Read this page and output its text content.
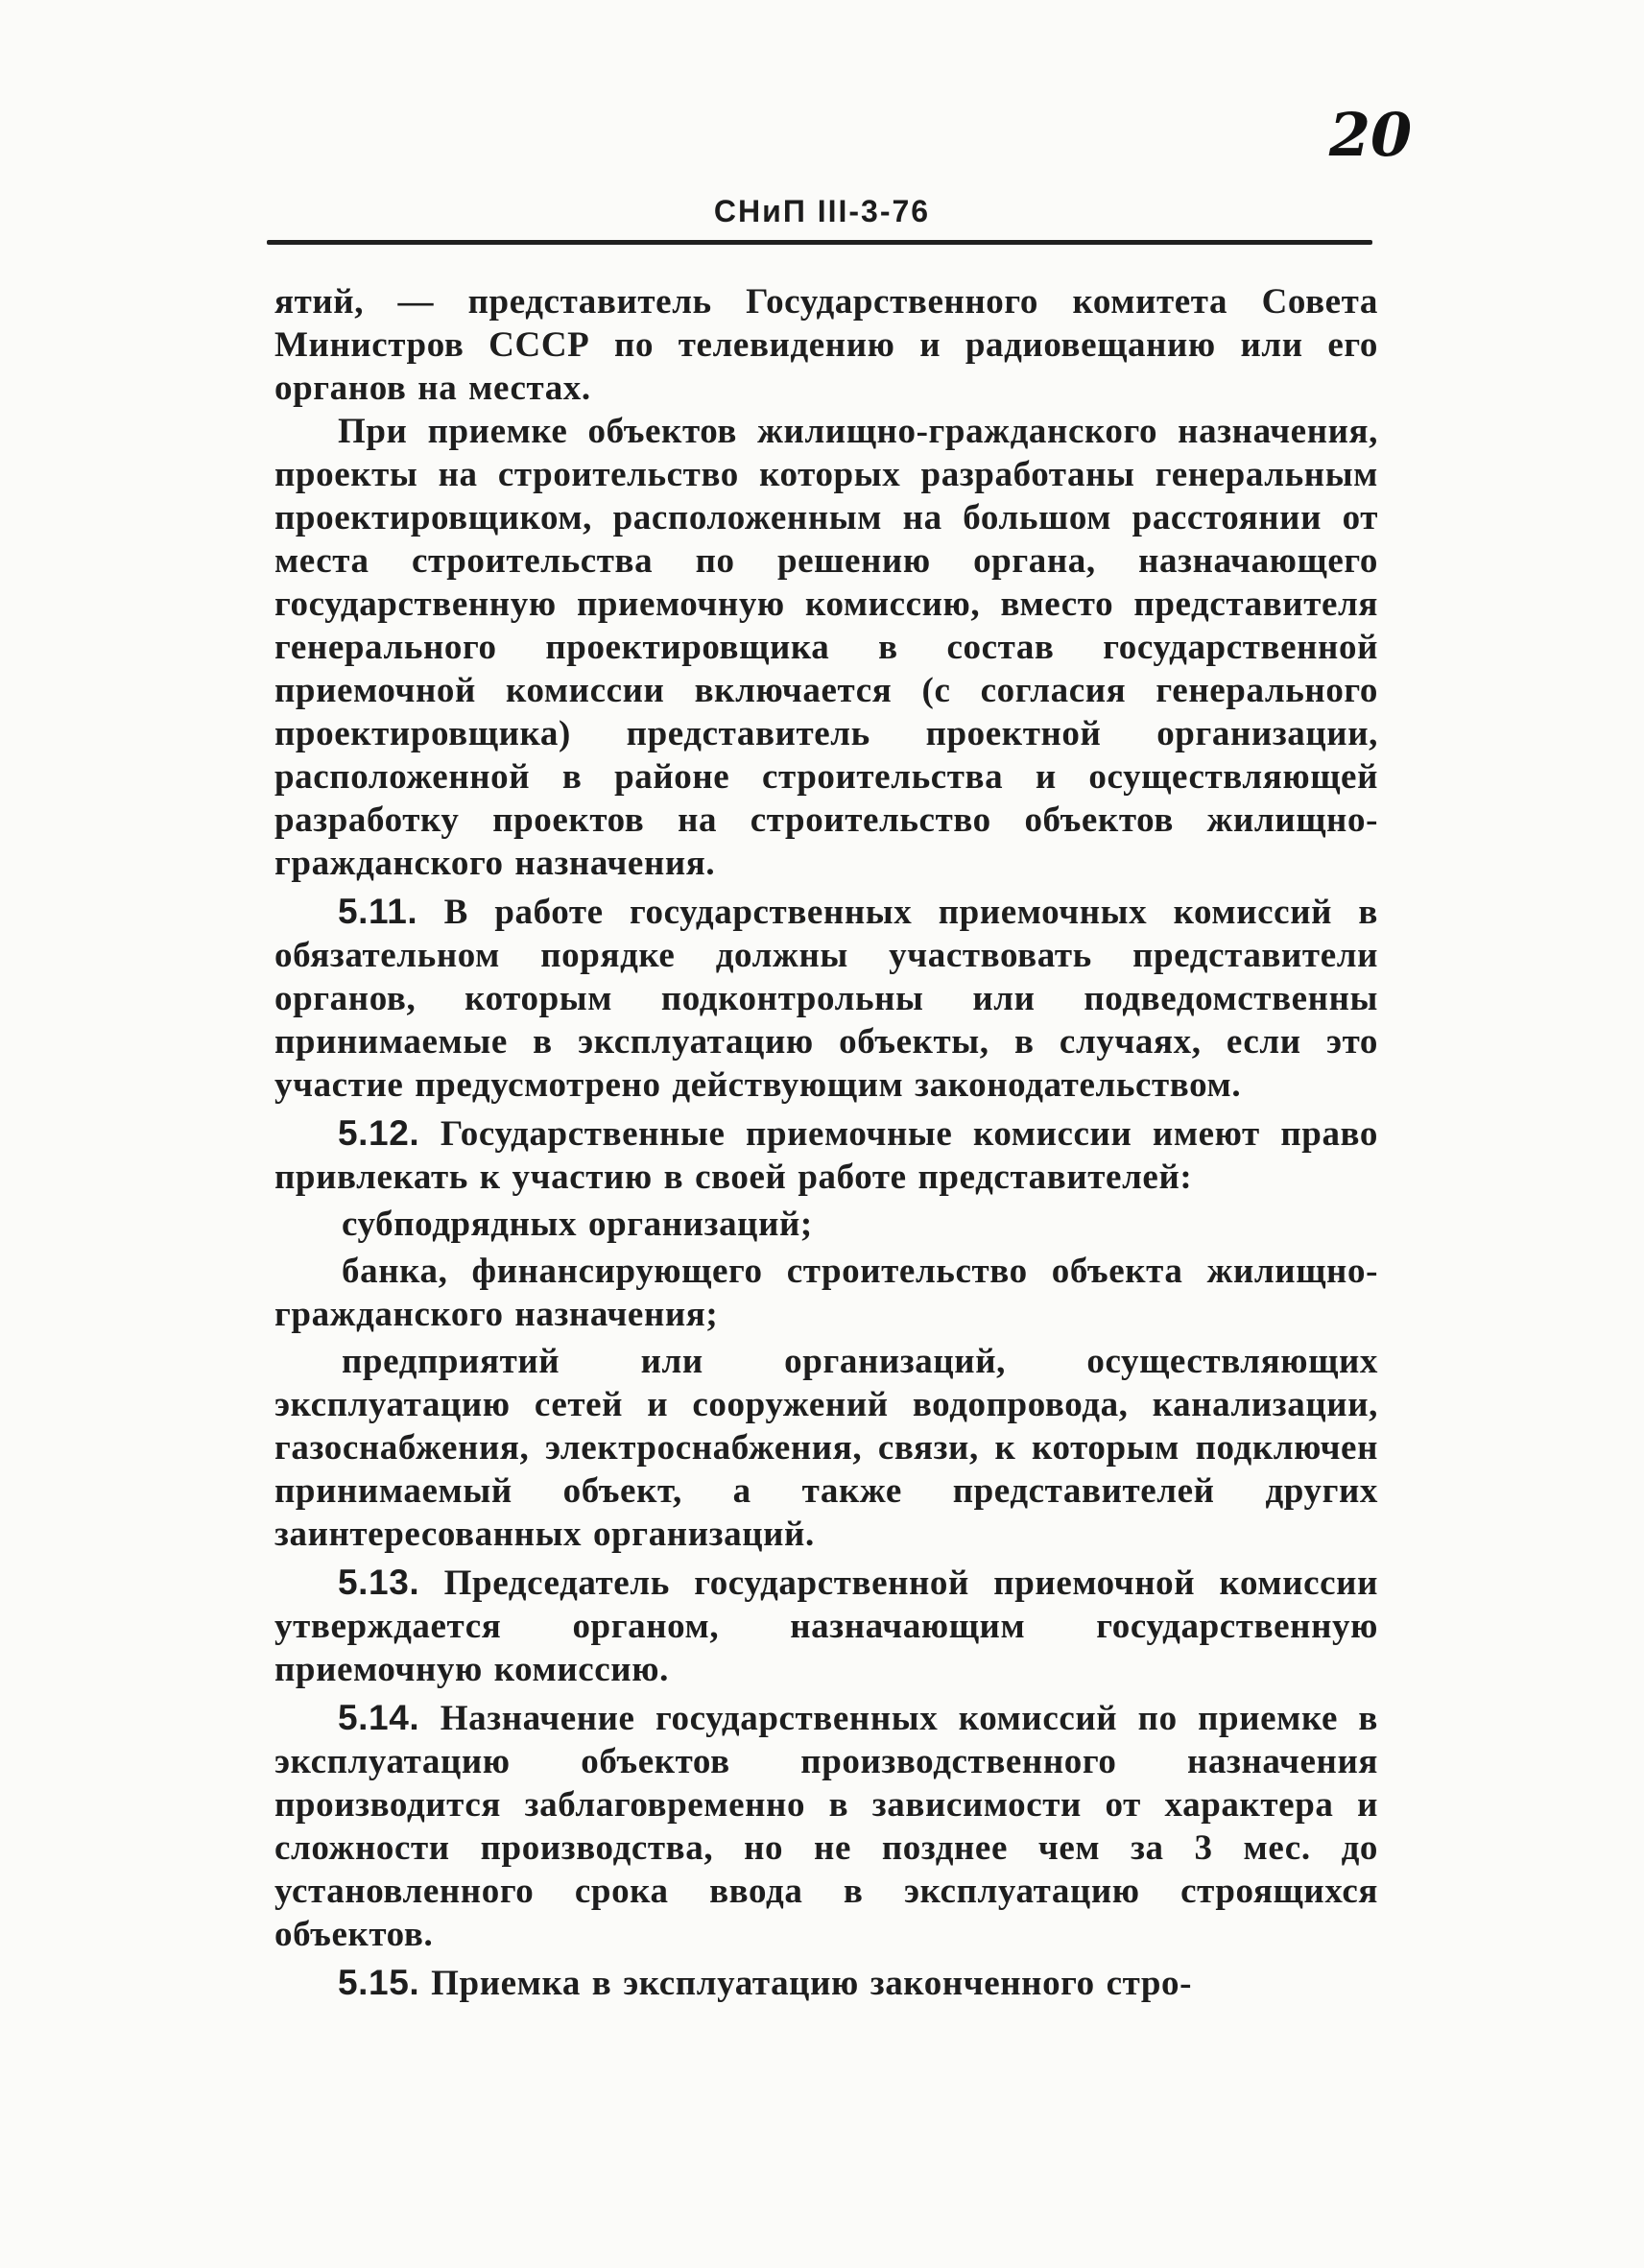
20
СНиП III-3-76

ятий, — представитель Государственного комитета Совета Министров СССР по телевидению и радиовещанию или его органов на местах.

При приемке объектов жилищно-гражданского назначения, проекты на строительство которых разработаны генеральным проектировщиком, расположенным на большом расстоянии от места строительства по решению органа, назначающего государственную приемочную комиссию, вместо представителя генерального проектировщика в состав государственной приемочной комиссии включается (с согласия генерального проектировщика) представитель проектной организации, расположенной в районе строительства и осуществляющей разработку проектов на строительство объектов жилищно-гражданского назначения.

5.11. В работе государственных приемочных комиссий в обязательном порядке должны участвовать представители органов, которым подконтрольны или подведомственны принимаемые в эксплуатацию объекты, в случаях, если это участие предусмотрено действующим законодательством.

5.12. Государственные приемочные комиссии имеют право привлекать к участию в своей работе представителей:

субподрядных организаций;

банка, финансирующего строительство объекта жилищно-гражданского назначения;

предприятий или организаций, осуществляющих эксплуатацию сетей и сооружений водопровода, канализации, газоснабжения, электроснабжения, связи, к которым подключен принимаемый объект, а также представителей других заинтересованных организаций.

5.13. Председатель государственной приемочной комиссии утверждается органом, назначающим государственную приемочную комиссию.

5.14. Назначение государственных комиссий по приемке в эксплуатацию объектов производственного назначения производится заблаговременно в зависимости от характера и сложности производства, но не позднее чем за 3 мес. до установленного срока ввода в эксплуатацию строящихся объектов.

5.15. Приемка в эксплуатацию законченного стро-
